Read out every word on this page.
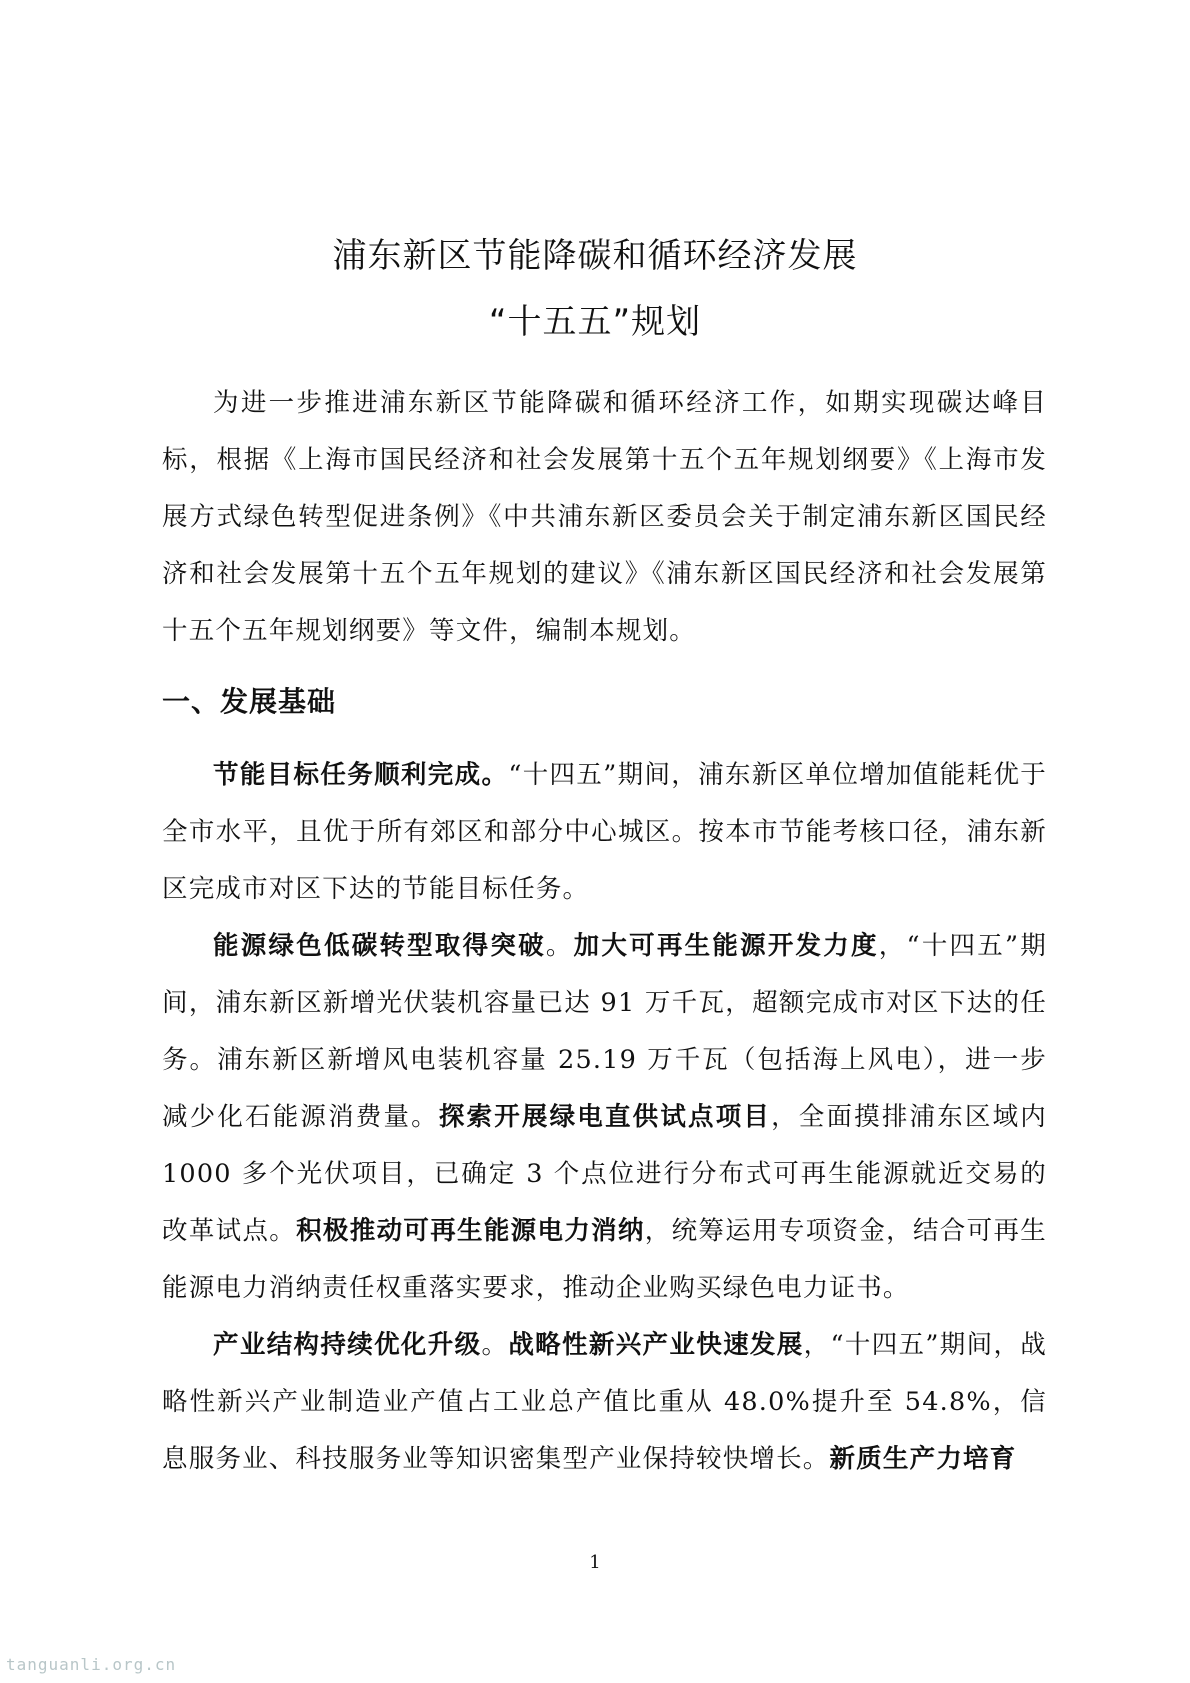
浦东新区节能降碳和循环经济发展
“十五五”规划

为进一步推进浦东新区节能降碳和循环经济工作，如期实现碳达峰目标，根据《上海市国民经济和社会发展第十五个五年规划纲要》《上海市发展方式绿色转型促进条例》《中共浦东新区委员会关于制定浦东新区国民经济和社会发展第十五个五年规划的建议》《浦东新区国民经济和社会发展第十五个五年规划纲要》等文件，编制本规划。

一、发展基础

节能目标任务顺利完成。“十四五”期间，浦东新区单位增加值能耗优于全市水平，且优于所有郊区和部分中心城区。按本市节能考核口径，浦东新区完成市对区下达的节能目标任务。

能源绿色低碳转型取得突破。加大可再生能源开发力度，“十四五”期间，浦东新区新增光伏装机容量已达 91 万千瓦，超额完成市对区下达的任务。浦东新区新增风电装机容量 25.19 万千瓦（包括海上风电），进一步减少化石能源消费量。探索开展绿电直供试点项目，全面摸排浦东区域内 1000 多个光伏项目，已确定 3 个点位进行分布式可再生能源就近交易的改革试点。积极推动可再生能源电力消纳，统筹运用专项资金，结合可再生能源电力消纳责任权重落实要求，推动企业购买绿色电力证书。

产业结构持续优化升级。战略性新兴产业快速发展，“十四五”期间，战略性新兴产业制造业产值占工业总产值比重从 48.0%提升至 54.8%，信息服务业、科技服务业等知识密集型产业保持较快增长。新质生产力培育

1
tanguanli.org.cn
